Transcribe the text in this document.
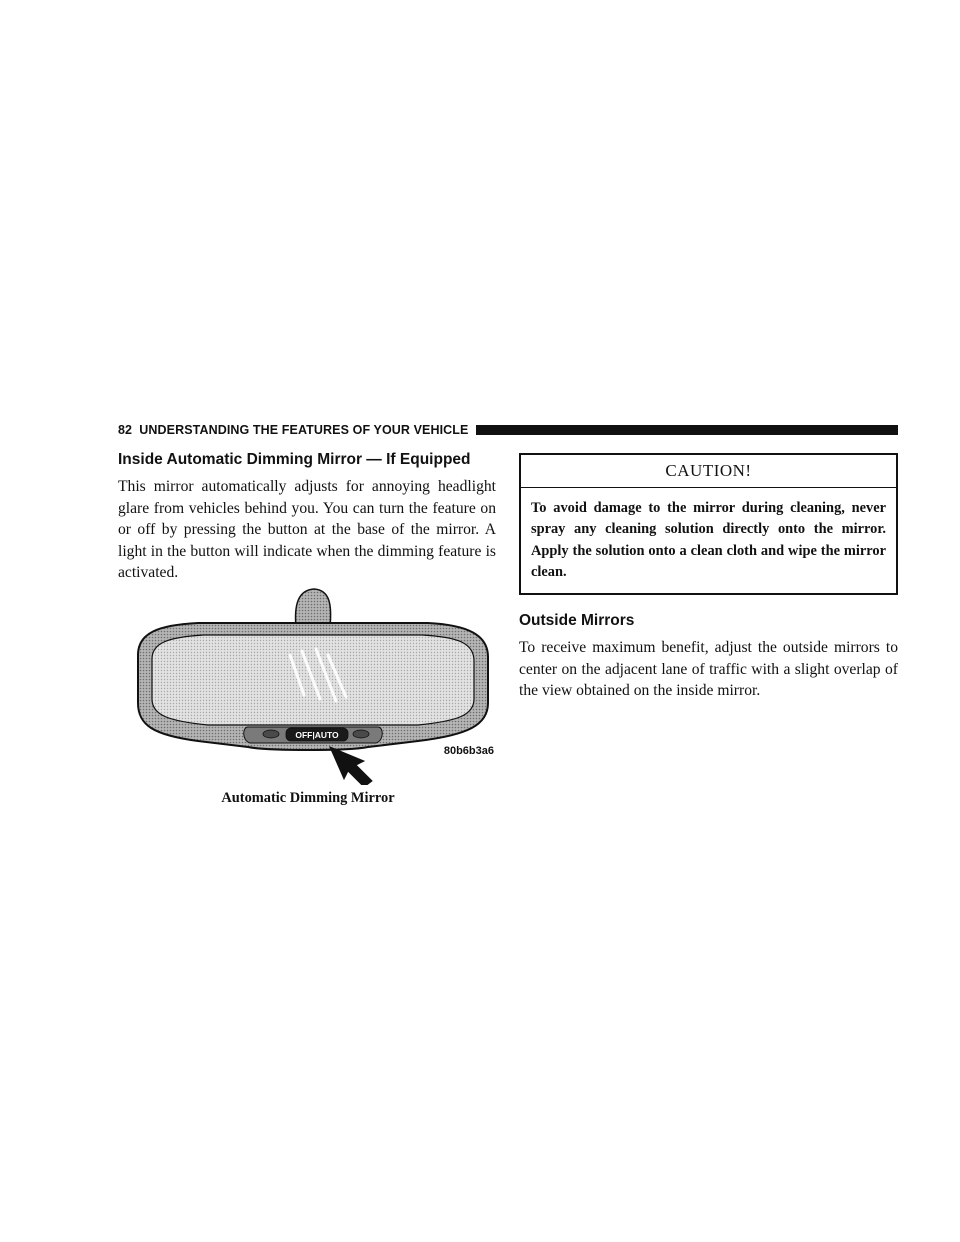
82 UNDERSTANDING THE FEATURES OF YOUR VEHICLE
Inside Automatic Dimming Mirror — If Equipped

This mirror automatically adjusts for annoying headlight glare from vehicles behind you. You can turn the feature on or off by pressing the button at the base of the mirror. A light in the button will indicate when the dimming feature is activated.

OFF|AUTO
80b6b3a6
Automatic Dimming Mirror
CAUTION!
To avoid damage to the mirror during cleaning, never spray any cleaning solution directly onto the mirror. Apply the solution onto a clean cloth and wipe the mirror clean.
Outside Mirrors

To receive maximum benefit, adjust the outside mirrors to center on the adjacent lane of traffic with a slight overlap of the view obtained on the inside mirror.
